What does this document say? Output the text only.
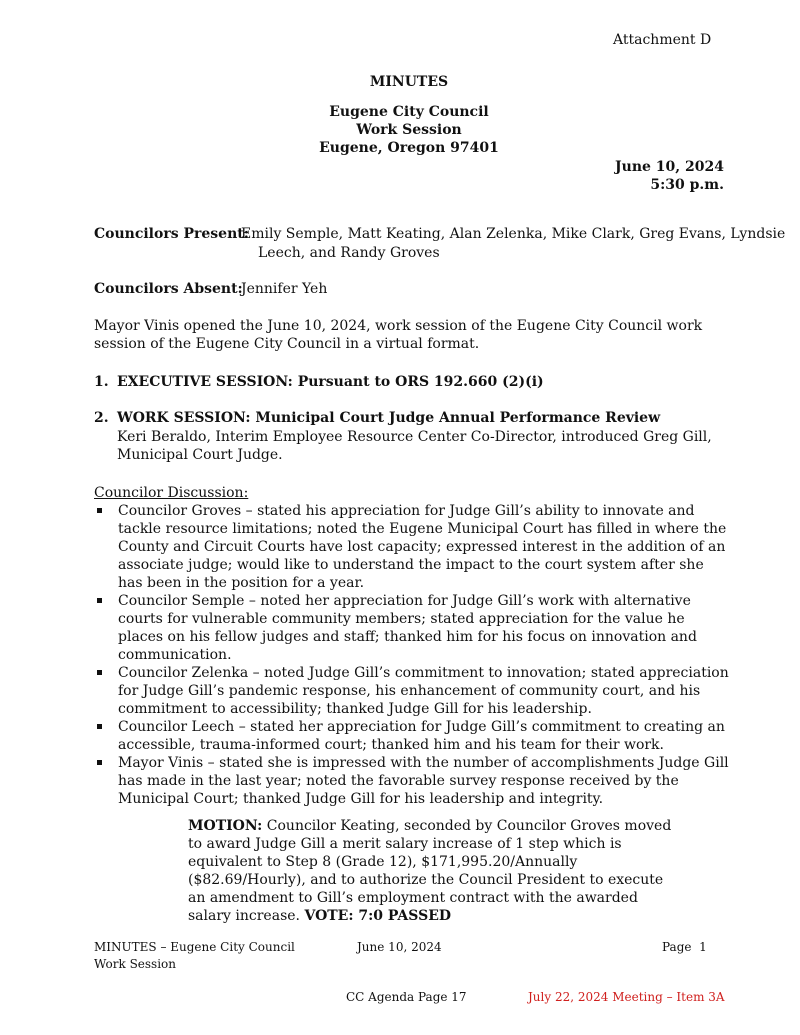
Attachment D
MINUTES
Eugene City Council
Work Session
Eugene, Oregon 97401
June 10, 2024
5:30 p.m.
Councilors Present:
Emily Semple, Matt Keating, Alan Zelenka, Mike Clark, Greg Evans, Lyndsie
Leech, and Randy Groves
Councilors Absent:
Jennifer Yeh
Mayor Vinis opened the June 10, 2024, work session of the Eugene City Council work session of the Eugene City Council in a virtual format.
1. EXECUTIVE SESSION: Pursuant to ORS 192.660 (2)(i)
2. WORK SESSION: Municipal Court Judge Annual Performance Review
Keri Beraldo, Interim Employee Resource Center Co-Director, introduced Greg Gill,
Municipal Court Judge.
Councilor Discussion:
Councilor Groves – stated his appreciation for Judge Gill’s ability to innovate and tackle resource limitations; noted the Eugene Municipal Court has filled in where the County and Circuit Courts have lost capacity; expressed interest in the addition of an associate judge; would like to understand the impact to the court system after she has been in the position for a year.
Councilor Semple – noted her appreciation for Judge Gill’s work with alternative courts for vulnerable community members; stated appreciation for the value he places on his fellow judges and staff; thanked him for his focus on innovation and communication.
Councilor Zelenka – noted Judge Gill’s commitment to innovation; stated appreciation for Judge Gill’s pandemic response, his enhancement of community court, and his commitment to accessibility; thanked Judge Gill for his leadership.
Councilor Leech – stated her appreciation for Judge Gill’s commitment to creating an accessible, trauma-informed court; thanked him and his team for their work.
Mayor Vinis – stated she is impressed with the number of accomplishments Judge Gill has made in the last year; noted the favorable survey response received by the Municipal Court; thanked Judge Gill for his leadership and integrity.
MOTION: Councilor Keating, seconded by Councilor Groves moved to award Judge Gill a merit salary increase of 1 step which is equivalent to Step 8 (Grade 12), $171,995.20/Annually ($82.69/Hourly), and to authorize the Council President to execute an amendment to Gill’s employment contract with the awarded salary increase. VOTE: 7:0 PASSED
MINUTES – Eugene City Council
Work Session
June 10, 2024	Page  1
CC Agenda Page 17	July 22, 2024 Meeting – Item 3A
